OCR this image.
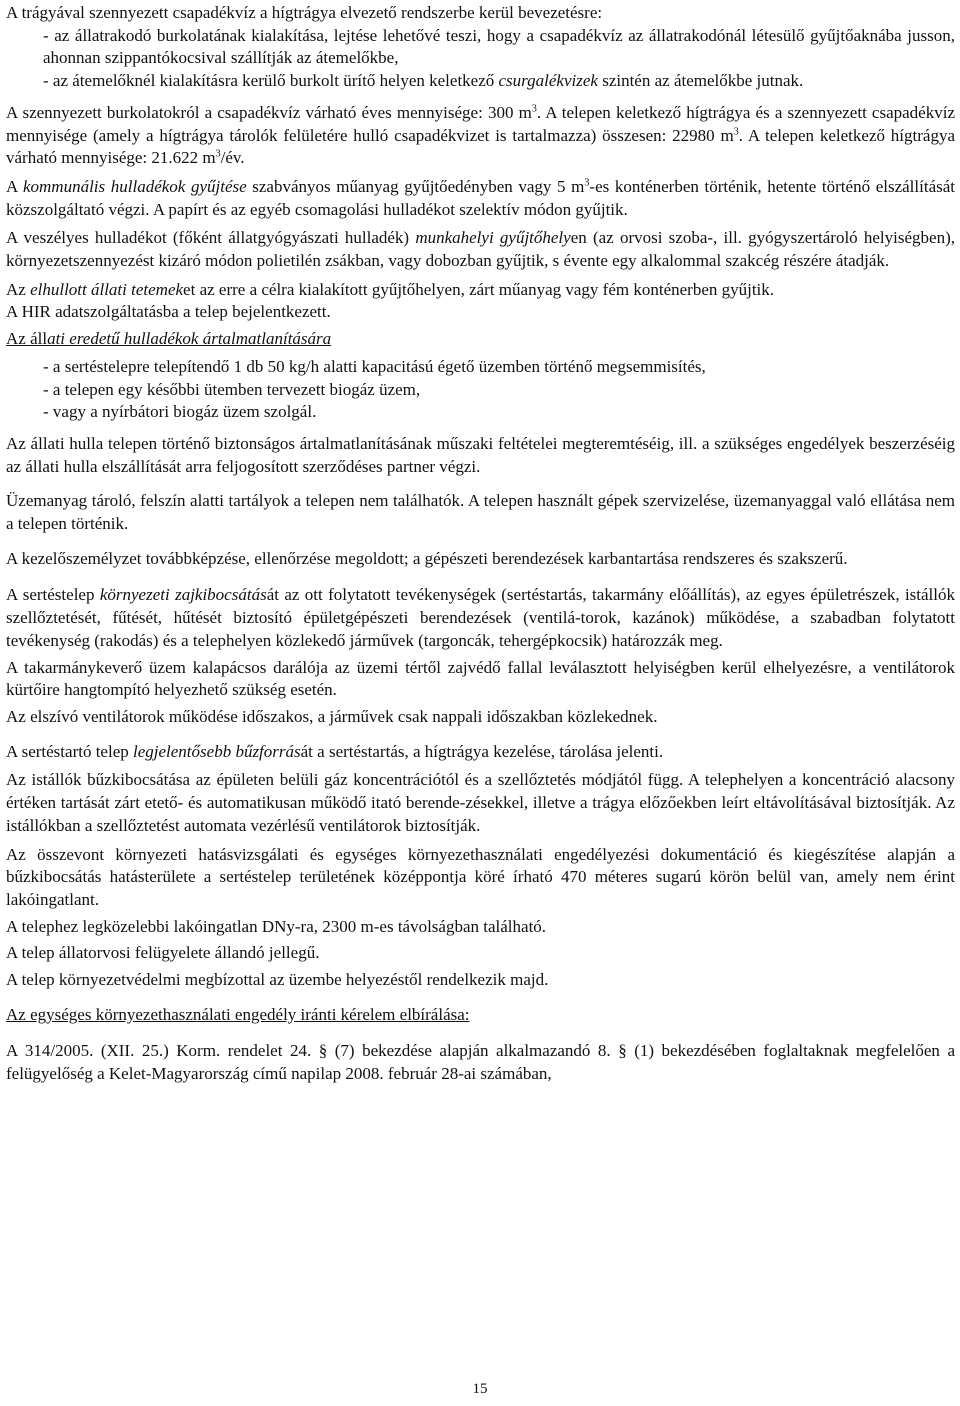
A trágyával szennyezett csapadékvíz a hígtrágya elvezető rendszerbe kerül bevezetésre:

- az állatrakodó burkolatának kialakítása, lejtése lehetővé teszi, hogy a csapadékvíz az állatrakodónál létesülő gyűjtőaknába jusson, ahonnan szippantókocsival szállítják az átemelőkbe,

- az átemelőknél kialakításra kerülő burkolt ürítő helyen keletkező csurgalékvizek szintén az átemelőkbe jutnak.

A szennyezett burkolatokról a csapadékvíz várható éves mennyisége: 300 $m^3$. A telepen keletkező hígtrágya és a szennyezett csapadékvíz mennyisége (amely a hígtrágya tárolók felületére hulló csapadékvizet is tartalmazza) összesen: 22980 $m^3$. A telepen keletkező hígtrágya várható mennyisége: 21.622 $m^3/év$.

A kommunális hulladékok gyűjtése szabványos műanyag gyűjtőedényben vagy 5 $m^3-es$ konténerben történik, hetente történő elszállítását közszolgáltató végzi. A papírt és az egyéb csomagolási hulladékot szelektív módon gyűjtik.

A veszélyes hulladékot (főként állatgyógyászati hulladék) munkahelyi gyűjtőhelyen (az orvosi szoba-, ill. gyógyszertároló helyiségben), környezetszennyezést kizáró módon polietilén zsákban, vagy dobozban gyűjtik, s évente egy alkalommal szakcég részére átadják.

Az elhullott állati tetemeket az erre a célra kialakított gyűjtőhelyen, zárt műanyag vagy fém konténerben gyűjtik.

A HIR adatszolgáltatásba a telep bejelentkezett.

Az állati eredetű hulladékok ártalmatlanítására

- a sertéstelepre telepítendő 1 db 50 kg/h alatti kapacitású égető üzemben történő megsemmisítés,

- a telepen egy későbbi ütemben tervezett biogáz üzem,

- vagy a nyírbátori biogáz üzem szolgál.

Az állati hulla telepen történő biztonságos ártalmatlanításának műszaki feltételei megteremtéséig, ill. a szükséges engedélyek beszerzéséig az állati hulla elszállítását arra feljogosított szerződéses partner végzi.

Üzemanyag tároló, felszín alatti tartályok a telepen nem találhatók. A telepen használt gépek szervizelése, üzemanyaggal való ellátása nem a telepen történik.

A kezelőszemélyzet továbbképzése, ellenőrzése megoldott; a gépészeti berendezések karbantartása rendszeres és szakszerű.

A sertéstelep környezeti zajkibocsátását az ott folytatott tevékenységek (sertéstartás, takarmány előállítás), az egyes épületrészek, istállók szellőztetését, fűtését, hűtését biztosító épületgépészeti berendezések (ventilá-torok, kazánok) működése, a szabadban folytatott tevékenység (rakodás) és a telephelyen közlekedő járművek (targoncák, tehergépkocsik) határozzák meg.

A takarmánykeverő üzem kalapácsos darálója az üzemi tértől zajvédő fallal leválasztott helyiségben kerül elhelyezésre, a ventilátorok kürtőire hangtompító helyezhető szükség esetén.

Az elszívó ventilátorok működése időszakos, a járművek csak nappali időszakban közlekednek.

A sertéstartó telep legjelentősebb bűzforrását a sertéstartás, a hígtrágya kezelése, tárolása jelenti.

Az istállók bűzkibocsátása az épületen belüli gáz koncentrációtól és a szellőztetés módjától függ. A telephelyen a koncentráció alacsony értéken tartását zárt etető- és automatikusan működő itató berende-zésekkel, illetve a trágya előzőekben leírt eltávolításával biztosítják. Az istállókban a szellőztetést automata vezérlésű ventilátorok biztosítják.

Az összevont környezeti hatásvizsgálati és egységes környezethasználati engedélyezési dokumentáció és kiegészítése alapján a bűzkibocsátás hatásterülete a sertéstelep területének középpontja köré írható 470 méteres sugarú körön belül van, amely nem érint lakóingatlant.

A telephez legközelebbi lakóingatlan DNy-ra, 2300 m-es távolságban található.

A telep állatorvosi felügyelete állandó jellegű.

A telep környezetvédelmi megbízottal az üzembe helyezéstől rendelkezik majd.

Az egységes környezethasználati engedély iránti kérelem elbírálása:

A 314/2005. (XII. 25.) Korm. rendelet 24. § (7) bekezdése alapján alkalmazandó 8. § (1) bekezdésében foglaltaknak megfelelően a felügyelőség a Kelet-Magyarország című napilap 2008. február 28-ai számában,

15
